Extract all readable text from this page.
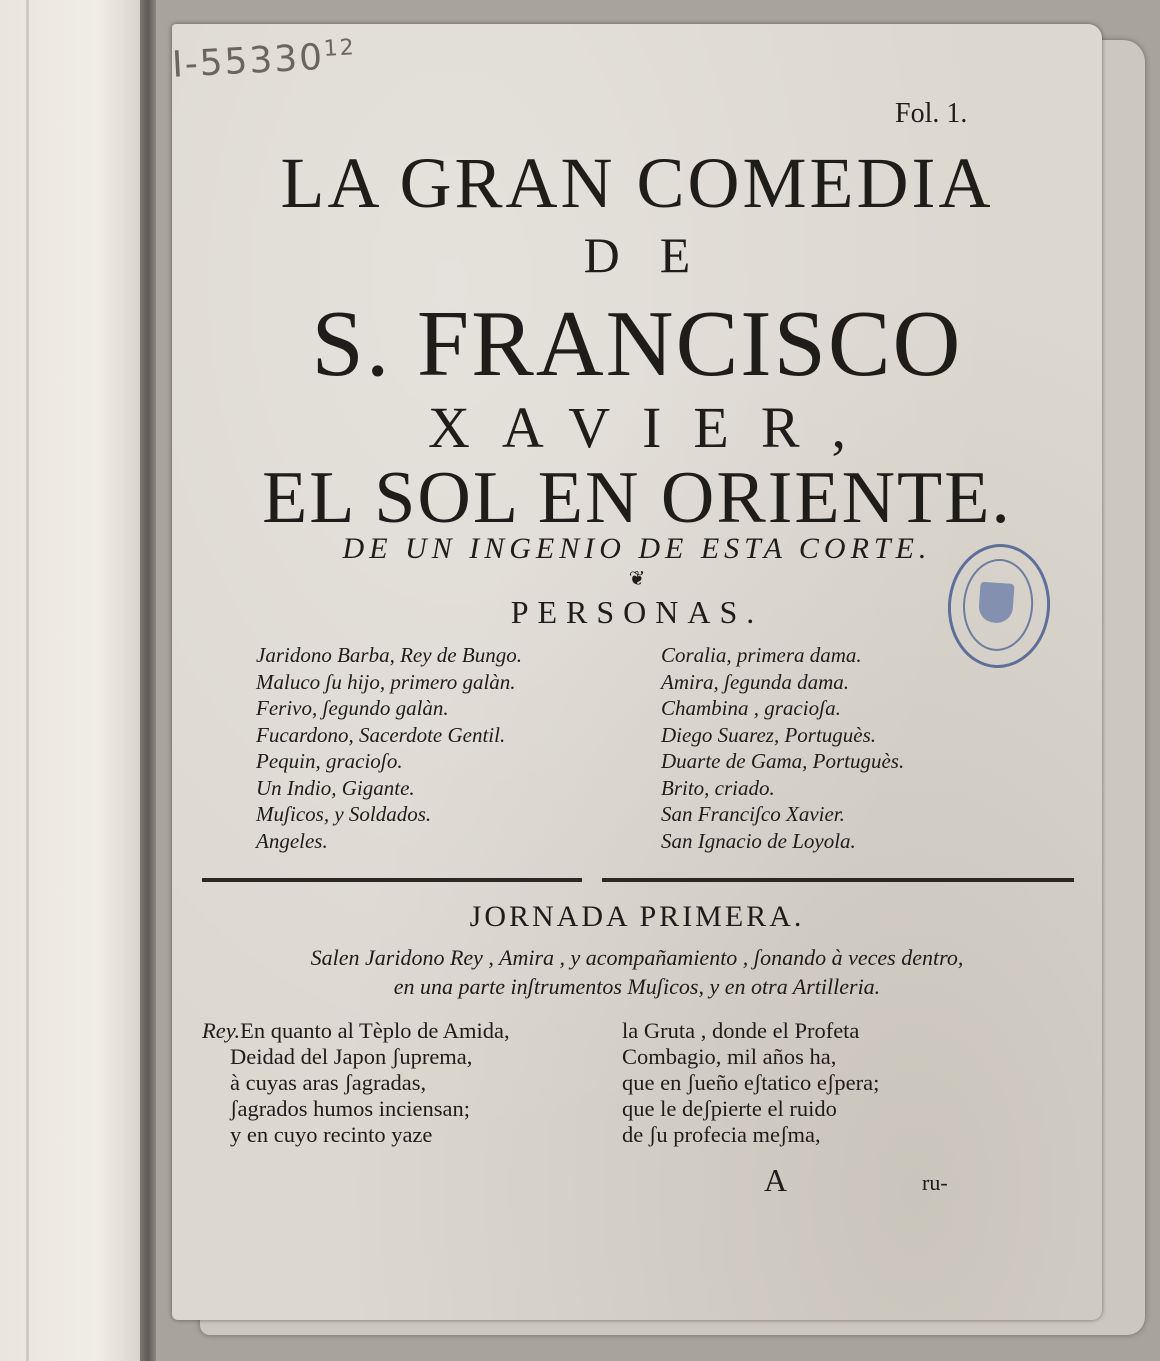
Fol. 1.
LA GRAN COMEDIA
DE
S. FRANCISCO
XAVIER,
EL SOL EN ORIENTE.
DE UN INGENIO DE ESTA CORTE.
❦
PERSONAS.
Jaridono Barba, Rey de Bungo.
Maluco ʃu hijo, primero galàn.
Ferivo, ʃegundo galàn.
Fucardono, Sacerdote Gentil.
Pequin, gracioʃo.
Un Indio, Gigante.
Muʃicos, y Soldados.
Angeles.
Coralia, primera dama.
Amira, ʃegunda dama.
Chambina , gracioʃa.
Diego Suarez, Portuguès.
Duarte de Gama, Portuguès.
Brito, criado.
San Franciʃco Xavier.
San Ignacio de Loyola.
JORNADA PRIMERA.
Salen Jaridono Rey , Amira , y acompañamiento , ʃonando à veces dentro,
en una parte inʃtrumentos Muʃicos, y en otra Artilleria.
Rey.En quanto al Tèplo de Amida,
Deidad del Japon ʃuprema,
à cuyas aras ʃagradas,
ʃagrados humos inciensan;
y en cuyo recinto yaze
la Gruta , donde el Profeta
Combagio, mil años ha,
que en ʃueño eʃtatico eʃpera;
que le deʃpierte el ruido
de ʃu profecia meʃma,
A	ru-
I-55330$^{12}$
